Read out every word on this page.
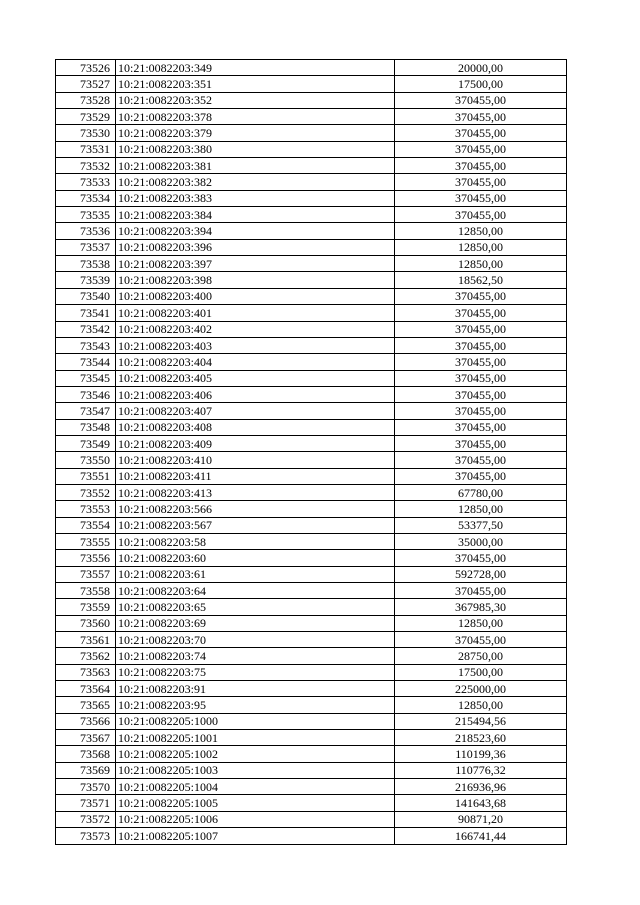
73526	10:21:0082203:349	20000,00
73527	10:21:0082203:351	17500,00
73528	10:21:0082203:352	370455,00
73529	10:21:0082203:378	370455,00
73530	10:21:0082203:379	370455,00
73531	10:21:0082203:380	370455,00
73532	10:21:0082203:381	370455,00
73533	10:21:0082203:382	370455,00
73534	10:21:0082203:383	370455,00
73535	10:21:0082203:384	370455,00
73536	10:21:0082203:394	12850,00
73537	10:21:0082203:396	12850,00
73538	10:21:0082203:397	12850,00
73539	10:21:0082203:398	18562,50
73540	10:21:0082203:400	370455,00
73541	10:21:0082203:401	370455,00
73542	10:21:0082203:402	370455,00
73543	10:21:0082203:403	370455,00
73544	10:21:0082203:404	370455,00
73545	10:21:0082203:405	370455,00
73546	10:21:0082203:406	370455,00
73547	10:21:0082203:407	370455,00
73548	10:21:0082203:408	370455,00
73549	10:21:0082203:409	370455,00
73550	10:21:0082203:410	370455,00
73551	10:21:0082203:411	370455,00
73552	10:21:0082203:413	67780,00
73553	10:21:0082203:566	12850,00
73554	10:21:0082203:567	53377,50
73555	10:21:0082203:58	35000,00
73556	10:21:0082203:60	370455,00
73557	10:21:0082203:61	592728,00
73558	10:21:0082203:64	370455,00
73559	10:21:0082203:65	367985,30
73560	10:21:0082203:69	12850,00
73561	10:21:0082203:70	370455,00
73562	10:21:0082203:74	28750,00
73563	10:21:0082203:75	17500,00
73564	10:21:0082203:91	225000,00
73565	10:21:0082203:95	12850,00
73566	10:21:0082205:1000	215494,56
73567	10:21:0082205:1001	218523,60
73568	10:21:0082205:1002	110199,36
73569	10:21:0082205:1003	110776,32
73570	10:21:0082205:1004	216936,96
73571	10:21:0082205:1005	141643,68
73572	10:21:0082205:1006	90871,20
73573	10:21:0082205:1007	166741,44
